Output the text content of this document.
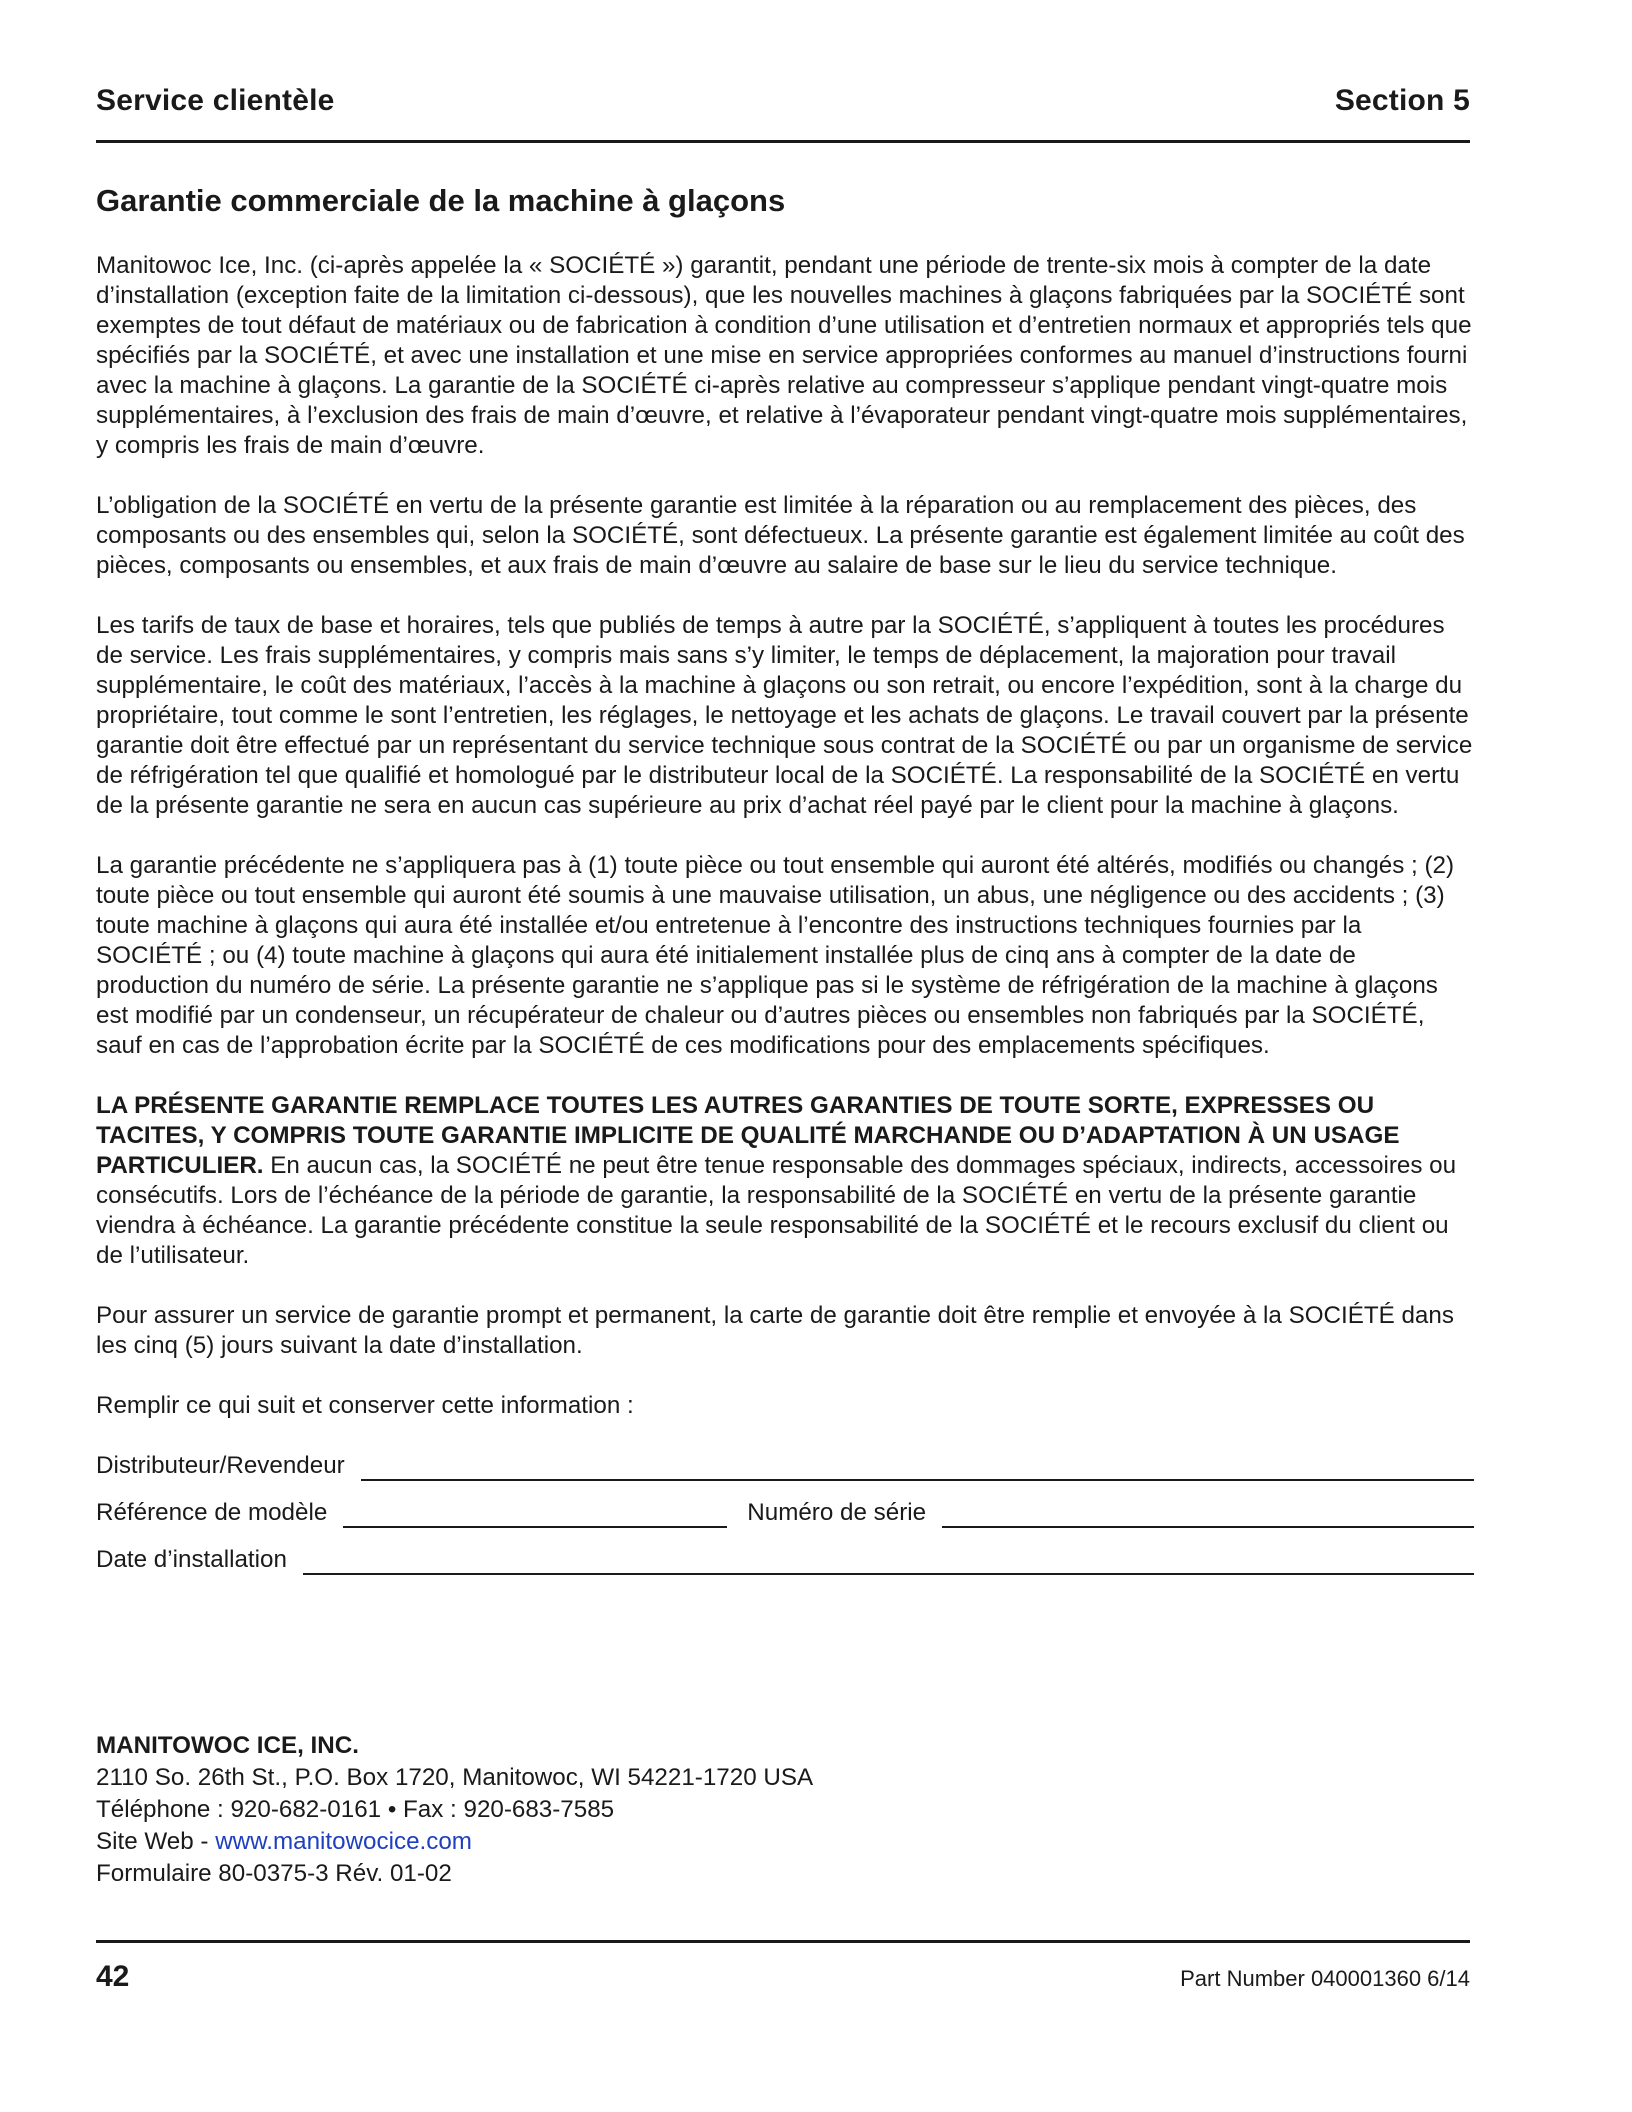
Service clientèle	Section 5
Garantie commerciale de la machine à glaçons

Manitowoc Ice, Inc. (ci-après appelée la « SOCIÉTÉ ») garantit, pendant une période de trente-six mois à compter de la date d’installation (exception faite de la limitation ci-dessous), que les nouvelles machines à glaçons fabriquées par la SOCIÉTÉ sont exemptes de tout défaut de matériaux ou de fabrication à condition d’une utilisation et d’entretien normaux et appropriés tels que spécifiés par la SOCIÉTÉ, et avec une installation et une mise en service appropriées conformes au manuel d’instructions fourni avec la machine à glaçons. La garantie de la SOCIÉTÉ ci-après relative au compresseur s’applique pendant vingt-quatre mois supplémentaires, à l’exclusion des frais de main d’œuvre, et relative à l’évaporateur pendant vingt-quatre mois supplémentaires, y compris les frais de main d’œuvre.

L’obligation de la SOCIÉTÉ en vertu de la présente garantie est limitée à la réparation ou au remplacement des pièces, des composants ou des ensembles qui, selon la SOCIÉTÉ, sont défectueux. La présente garantie est également limitée au coût des pièces, composants ou ensembles, et aux frais de main d’œuvre au salaire de base sur le lieu du service technique.

Les tarifs de taux de base et horaires, tels que publiés de temps à autre par la SOCIÉTÉ, s’appliquent à toutes les procédures de service. Les frais supplémentaires, y compris mais sans s’y limiter, le temps de déplacement, la majoration pour travail supplémentaire, le coût des matériaux, l’accès à la machine à glaçons ou son retrait, ou encore l’expédition, sont à la charge du propriétaire, tout comme le sont l’entretien, les réglages, le nettoyage et les achats de glaçons. Le travail couvert par la présente garantie doit être effectué par un représentant du service technique sous contrat de la SOCIÉTÉ ou par un organisme de service de réfrigération tel que qualifié et homologué par le distributeur local de la SOCIÉTÉ. La responsabilité de la SOCIÉTÉ en vertu de la présente garantie ne sera en aucun cas supérieure au prix d’achat réel payé par le client pour la machine à glaçons.

La garantie précédente ne s’appliquera pas à (1) toute pièce ou tout ensemble qui auront été altérés, modifiés ou changés ; (2) toute pièce ou tout ensemble qui auront été soumis à une mauvaise utilisation, un abus, une négligence ou des accidents ; (3) toute machine à glaçons qui aura été installée et/ou entretenue à l’encontre des instructions techniques fournies par la SOCIÉTÉ ; ou (4) toute machine à glaçons qui aura été initialement installée plus de cinq ans à compter de la date de production du numéro de série. La présente garantie ne s’applique pas si le système de réfrigération de la machine à glaçons est modifié par un condenseur, un récupérateur de chaleur ou d’autres pièces ou ensembles non fabriqués par la SOCIÉTÉ, sauf en cas de l’approbation écrite par la SOCIÉTÉ de ces modifications pour des emplacements spécifiques.

LA PRÉSENTE GARANTIE REMPLACE TOUTES LES AUTRES GARANTIES DE TOUTE SORTE, EXPRESSES OU TACITES, Y COMPRIS TOUTE GARANTIE IMPLICITE DE QUALITÉ MARCHANDE OU D’ADAPTATION À UN USAGE PARTICULIER. En aucun cas, la SOCIÉTÉ ne peut être tenue responsable des dommages spéciaux, indirects, accessoires ou consécutifs. Lors de l’échéance de la période de garantie, la responsabilité de la SOCIÉTÉ en vertu de la présente garantie viendra à échéance. La garantie précédente constitue la seule responsabilité de la SOCIÉTÉ et le recours exclusif du client ou de l’utilisateur.

Pour assurer un service de garantie prompt et permanent, la carte de garantie doit être remplie et envoyée à la SOCIÉTÉ dans les cinq (5) jours suivant la date d’installation.

Remplir ce qui suit et conserver cette information :

Distributeur/Revendeur
Référence de modèle	Numéro de série
Date d’installation
MANITOWOC ICE, INC.
2110 So. 26th St., P.O. Box 1720, Manitowoc, WI 54221-1720 USA
Téléphone : 920-682-0161 • Fax : 920-683-7585
Site Web - www.manitowocice.com
Formulaire 80-0375-3 Rév. 01-02
42	Part Number 040001360 6/14
